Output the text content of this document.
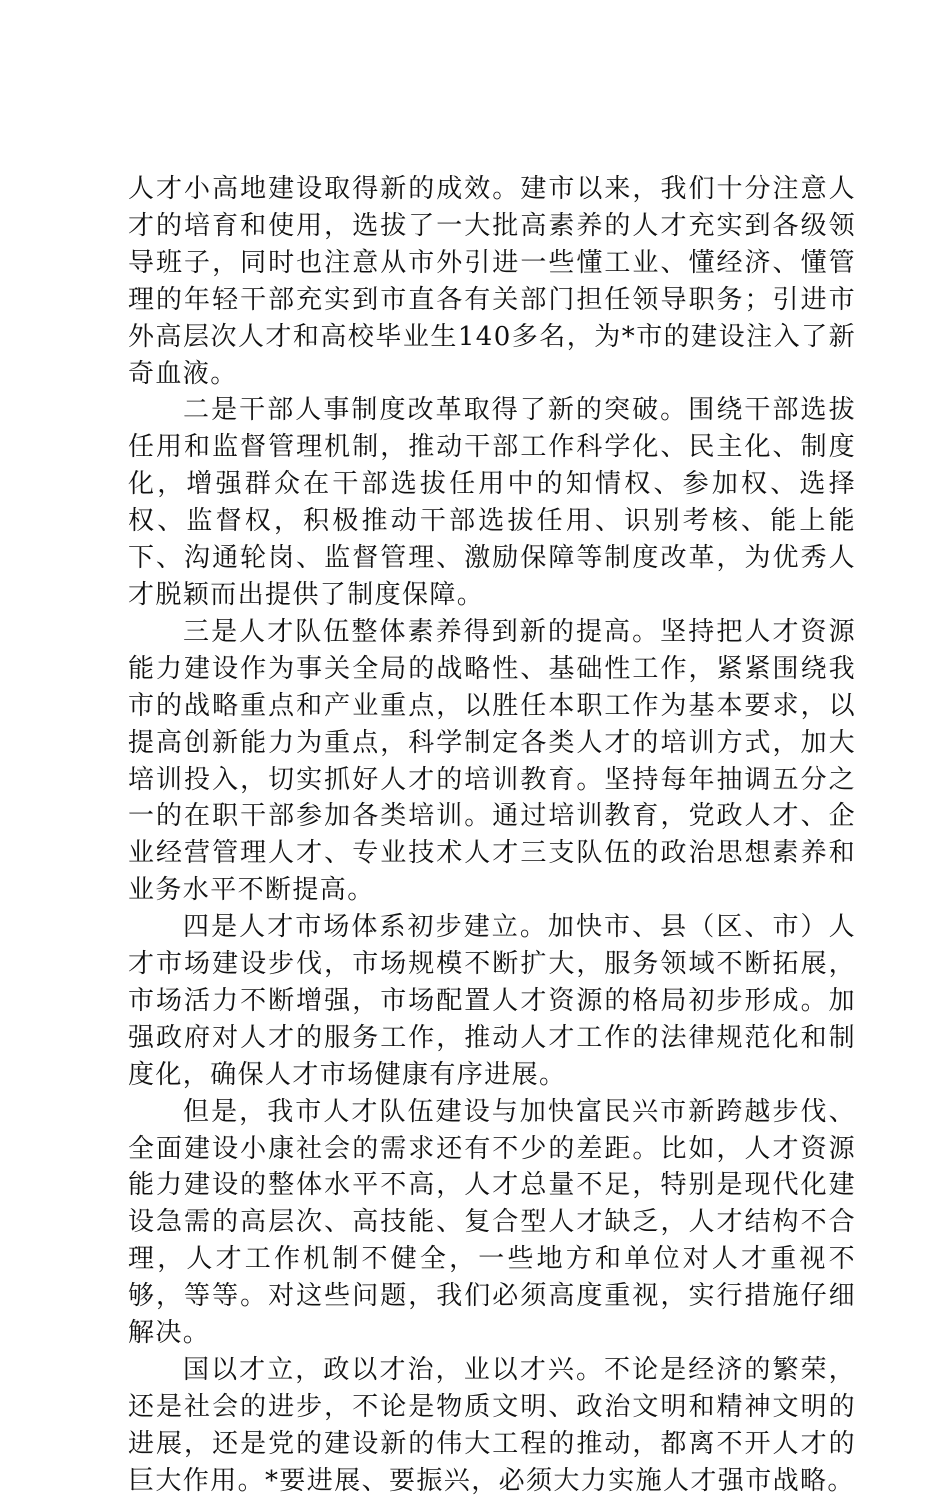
人才小高地建设取得新的成效。建市以来，我们十分注意人才的培育和使用，选拔了一大批高素养的人才充实到各级领导班子，同时也注意从市外引进一些懂工业、懂经济、懂管理的年轻干部充实到市直各有关部门担任领导职务；引进市外高层次人才和高校毕业生140多名，为*市的建设注入了新奇血液。

二是干部人事制度改革取得了新的突破。围绕干部选拔任用和监督管理机制，推动干部工作科学化、民主化、制度化，增强群众在干部选拔任用中的知情权、参加权、选择权、监督权，积极推动干部选拔任用、识别考核、能上能下、沟通轮岗、监督管理、激励保障等制度改革，为优秀人才脱颖而出提供了制度保障。

三是人才队伍整体素养得到新的提高。坚持把人才资源能力建设作为事关全局的战略性、基础性工作，紧紧围绕我市的战略重点和产业重点，以胜任本职工作为基本要求，以提高创新能力为重点，科学制定各类人才的培训方式，加大培训投入，切实抓好人才的培训教育。坚持每年抽调五分之一的在职干部参加各类培训。通过培训教育，党政人才、企业经营管理人才、专业技术人才三支队伍的政治思想素养和业务水平不断提高。

四是人才市场体系初步建立。加快市、县（区、市）人才市场建设步伐，市场规模不断扩大，服务领域不断拓展，市场活力不断增强，市场配置人才资源的格局初步形成。加强政府对人才的服务工作，推动人才工作的法律规范化和制度化，确保人才市场健康有序进展。

但是，我市人才队伍建设与加快富民兴市新跨越步伐、全面建设小康社会的需求还有不少的差距。比如，人才资源能力建设的整体水平不高，人才总量不足，特别是现代化建设急需的高层次、高技能、复合型人才缺乏，人才结构不合理，人才工作机制不健全，一些地方和单位对人才重视不够，等等。对这些问题，我们必须高度重视，实行措施仔细解决。

国以才立，政以才治，业以才兴。不论是经济的繁荣，还是社会的进步，不论是物质文明、政治文明和精神文明的进展，还是党的建设新的伟大工程的推动，都离不开人才的巨大作用。*要进展、要振兴，必须大力实施人才强市战略。
